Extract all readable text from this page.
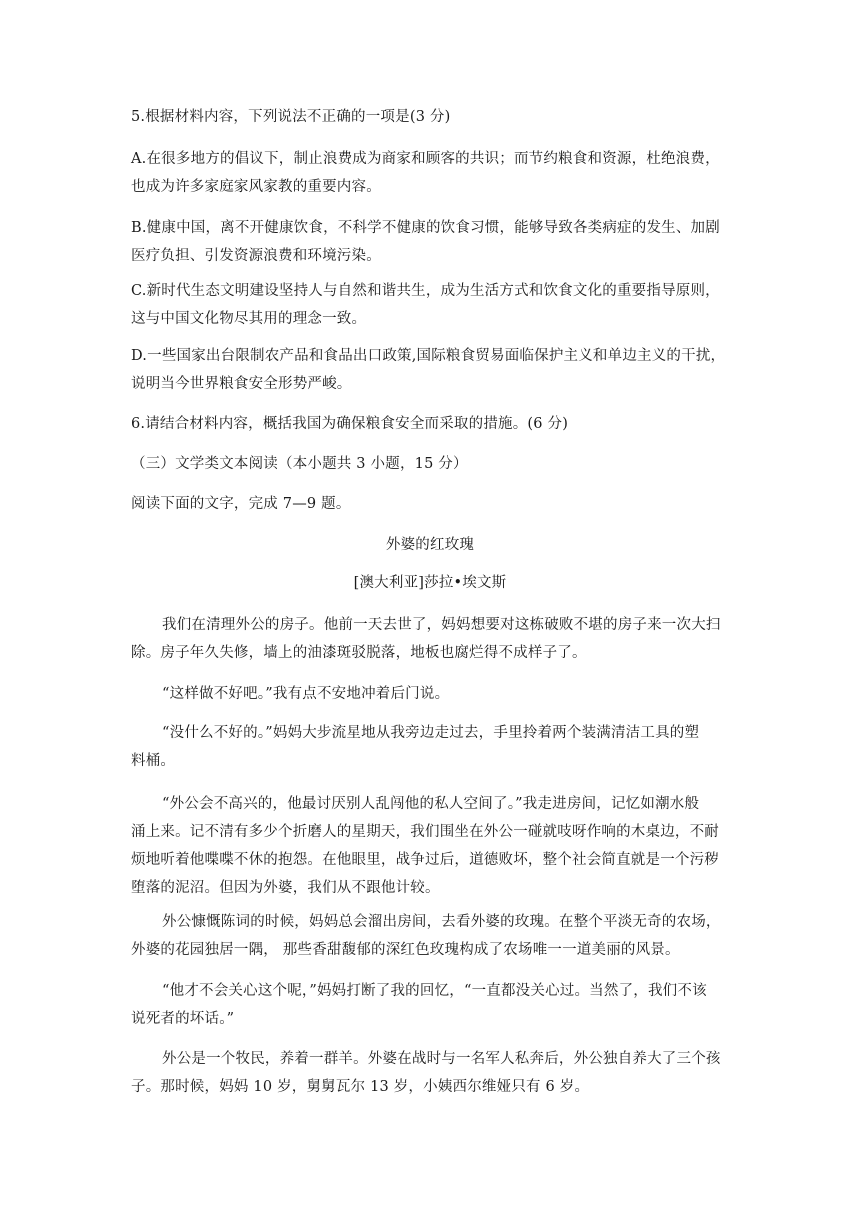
5.根据材料内容，下列说法不正确的一项是(3 分)
A.在很多地方的倡议下，制止浪费成为商家和顾客的共识；而节约粮食和资源，杜绝浪费，
也成为许多家庭家风家教的重要内容。
B.健康中国，离不开健康饮食，不科学不健康的饮食习惯，能够导致各类病症的发生、加剧
医疗负担、引发资源浪费和环境污染。
C.新时代生态文明建设坚持人与自然和谐共生，成为生活方式和饮食文化的重要指导原则，
这与中国文化物尽其用的理念一致。
D.一些国家出台限制农产品和食品出口政策,国际粮食贸易面临保护主义和单边主义的干扰，
说明当今世界粮食安全形势严峻。
6.请结合材料内容，概括我国为确保粮食安全而采取的措施。(6 分)
（三）文学类文本阅读（本小题共 3 小题，15 分）
阅读下面的文字，完成 7—9 题。
外婆的红玫瑰
[澳大利亚]莎拉•埃文斯
我们在清理外公的房子。他前一天去世了，妈妈想要对这栋破败不堪的房子来一次大扫
除。房子年久失修，墙上的油漆斑驳脱落，地板也腐烂得不成样子了。
“这样做不好吧。”我有点不安地冲着后门说。
“没什么不好的。”妈妈大步流星地从我旁边走过去，手里拎着两个装满清洁工具的塑
料桶。
“外公会不高兴的，他最讨厌别人乱闯他的私人空间了。”我走进房间，记忆如潮水般
涌上来。记不清有多少个折磨人的星期天，我们围坐在外公一碰就吱呀作响的木桌边，不耐
烦地听着他喋喋不休的抱怨。在他眼里，战争过后，道德败坏，整个社会简直就是一个污秽
堕落的泥沼。但因为外婆，我们从不跟他计较。
外公慷慨陈词的时候，妈妈总会溜出房间，去看外婆的玫瑰。在整个平淡无奇的农场，
外婆的花园独居一隅， 那些香甜馥郁的深红色玫瑰构成了农场唯一一道美丽的风景。
“他才不会关心这个呢，”妈妈打断了我的回忆，“一直都没关心过。当然了，我们不该
说死者的坏话。”
外公是一个牧民，养着一群羊。外婆在战时与一名军人私奔后，外公独自养大了三个孩
子。那时候，妈妈 10 岁，舅舅瓦尔 13 岁，小姨西尔维娅只有 6 岁。
